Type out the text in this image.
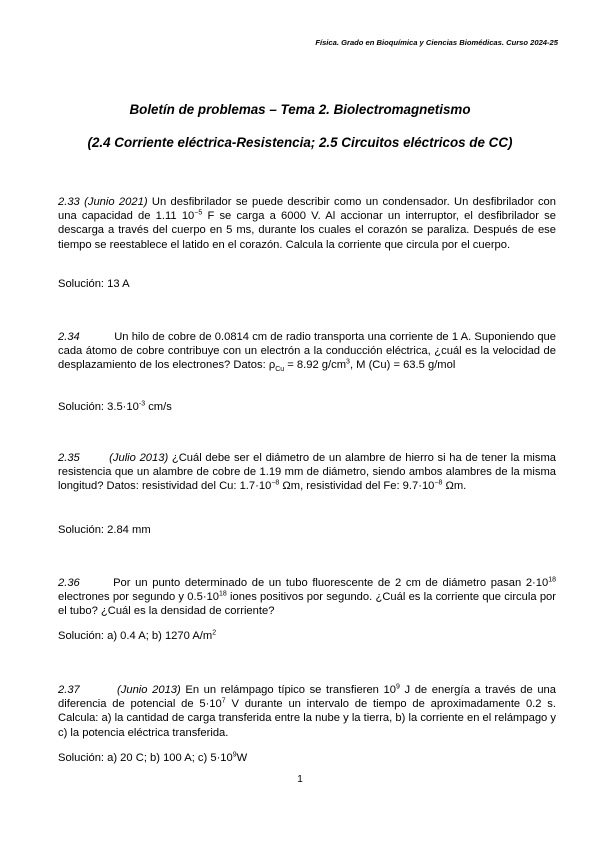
Física. Grado en Bioquímica y Ciencias Biomédicas. Curso 2024-25
Boletín de problemas – Tema 2. Biolectromagnetismo
(2.4 Corriente eléctrica-Resistencia; 2.5 Circuitos eléctricos de CC)
2.33 (Junio 2021) Un desfibrilador se puede describir como un condensador. Un desfibrilador con una capacidad de 1.11 $10^{-5}$ F se carga a 6000 V. Al accionar un interruptor, el desfibrilador se descarga a través del cuerpo en 5 ms, durante los cuales el corazón se paraliza. Después de ese tiempo se reestablece el latido en el corazón. Calcula la corriente que circula por el cuerpo.
Solución: 13 A
2.34	Un hilo de cobre de 0.0814 cm de radio transporta una corriente de 1 A. Suponiendo que cada átomo de cobre contribuye con un electrón a la conducción eléctrica, ¿cuál es la velocidad de desplazamiento de los electrones? Datos: $\rho_{Cu} = 8.92$ $g/cm^3$, M (Cu) = 63.5 g/mol
Solución: $3.5\cdot 10^{-3}$ cm/s
2.35	(Julio 2013) ¿Cuál debe ser el diámetro de un alambre de hierro si ha de tener la misma resistencia que un alambre de cobre de 1.19 mm de diámetro, siendo ambos alambres de la misma longitud? Datos: resistividad del Cu: $1.7\cdot 10^{-8}$ Ωm, resistividad del Fe: $9.7\cdot 10^{-8}$ Ωm.
Solución: 2.84 mm
2.36	Por un punto determinado de un tubo fluorescente de 2 cm de diámetro pasan $2\cdot 10^{18}$ electrones por segundo y $0.5\cdot 10^{18}$ iones positivos por segundo. ¿Cuál es la corriente que circula por el tubo? ¿Cuál es la densidad de corriente?
Solución: a) 0.4 A; b) 1270 $A/m^2$
2.37	(Junio 2013) En un relámpago típico se transfieren $10^9$ J de energía a través de una diferencia de potencial de $5\cdot 10^7$ V durante un intervalo de tiempo de aproximadamente 0.2 s. Calcula: a) la cantidad de carga transferida entre la nube y la tierra, b) la corriente en el relámpago y c) la potencia eléctrica transferida.
Solución: a) 20 C; b) 100 A; c) $5\cdot 10^9W$
1
